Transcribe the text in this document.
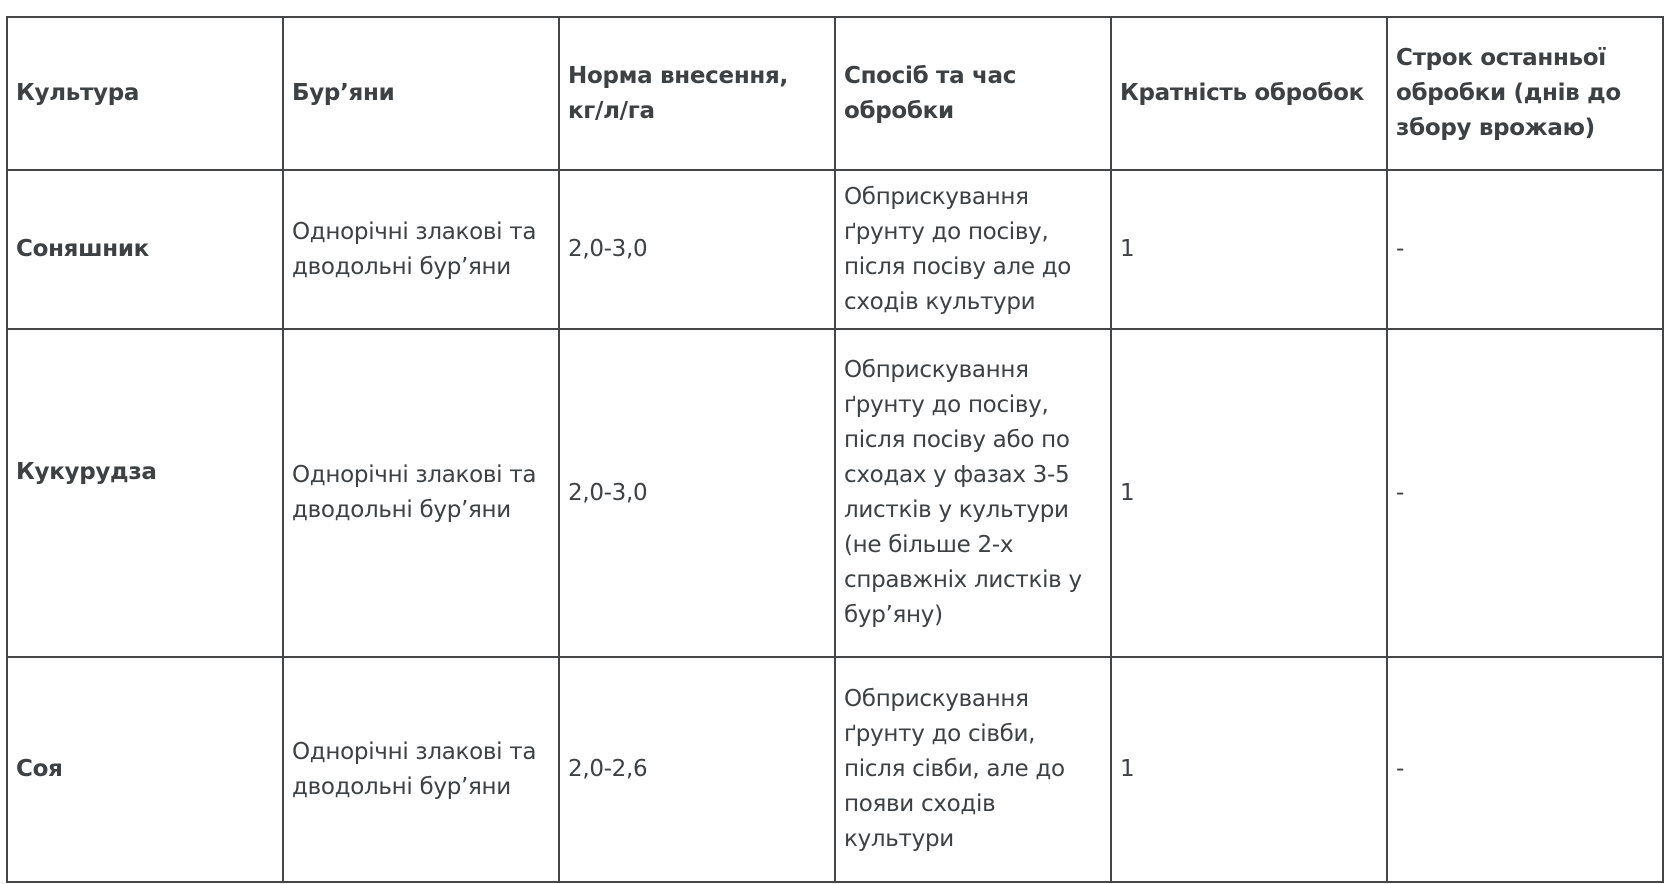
Культура	Бур’яни	Норма внесення, кг/л/га	Спосіб та час обробки	Кратність обробок	Строк останньої обробки (днів до збору врожаю)
Соняшник	Однорічні злакові та дводольні бур’яни	2,0-3,0	Обприскування ґрунту до посіву, після посіву але до сходів культури	1	-
Кукурудза	Однорічні злакові та дводольні бур’яни	2,0-3,0	Обприскування ґрунту до посіву, після посіву або по сходах у фазах 3-5 листків у культури (не більше 2-х справжніх листків у бур’яну)	1	-
Соя	Однорічні злакові та дводольні бур’яни	2,0-2,6	Обприскування ґрунту до сівби, після сівби, але до появи сходів культури	1	-
